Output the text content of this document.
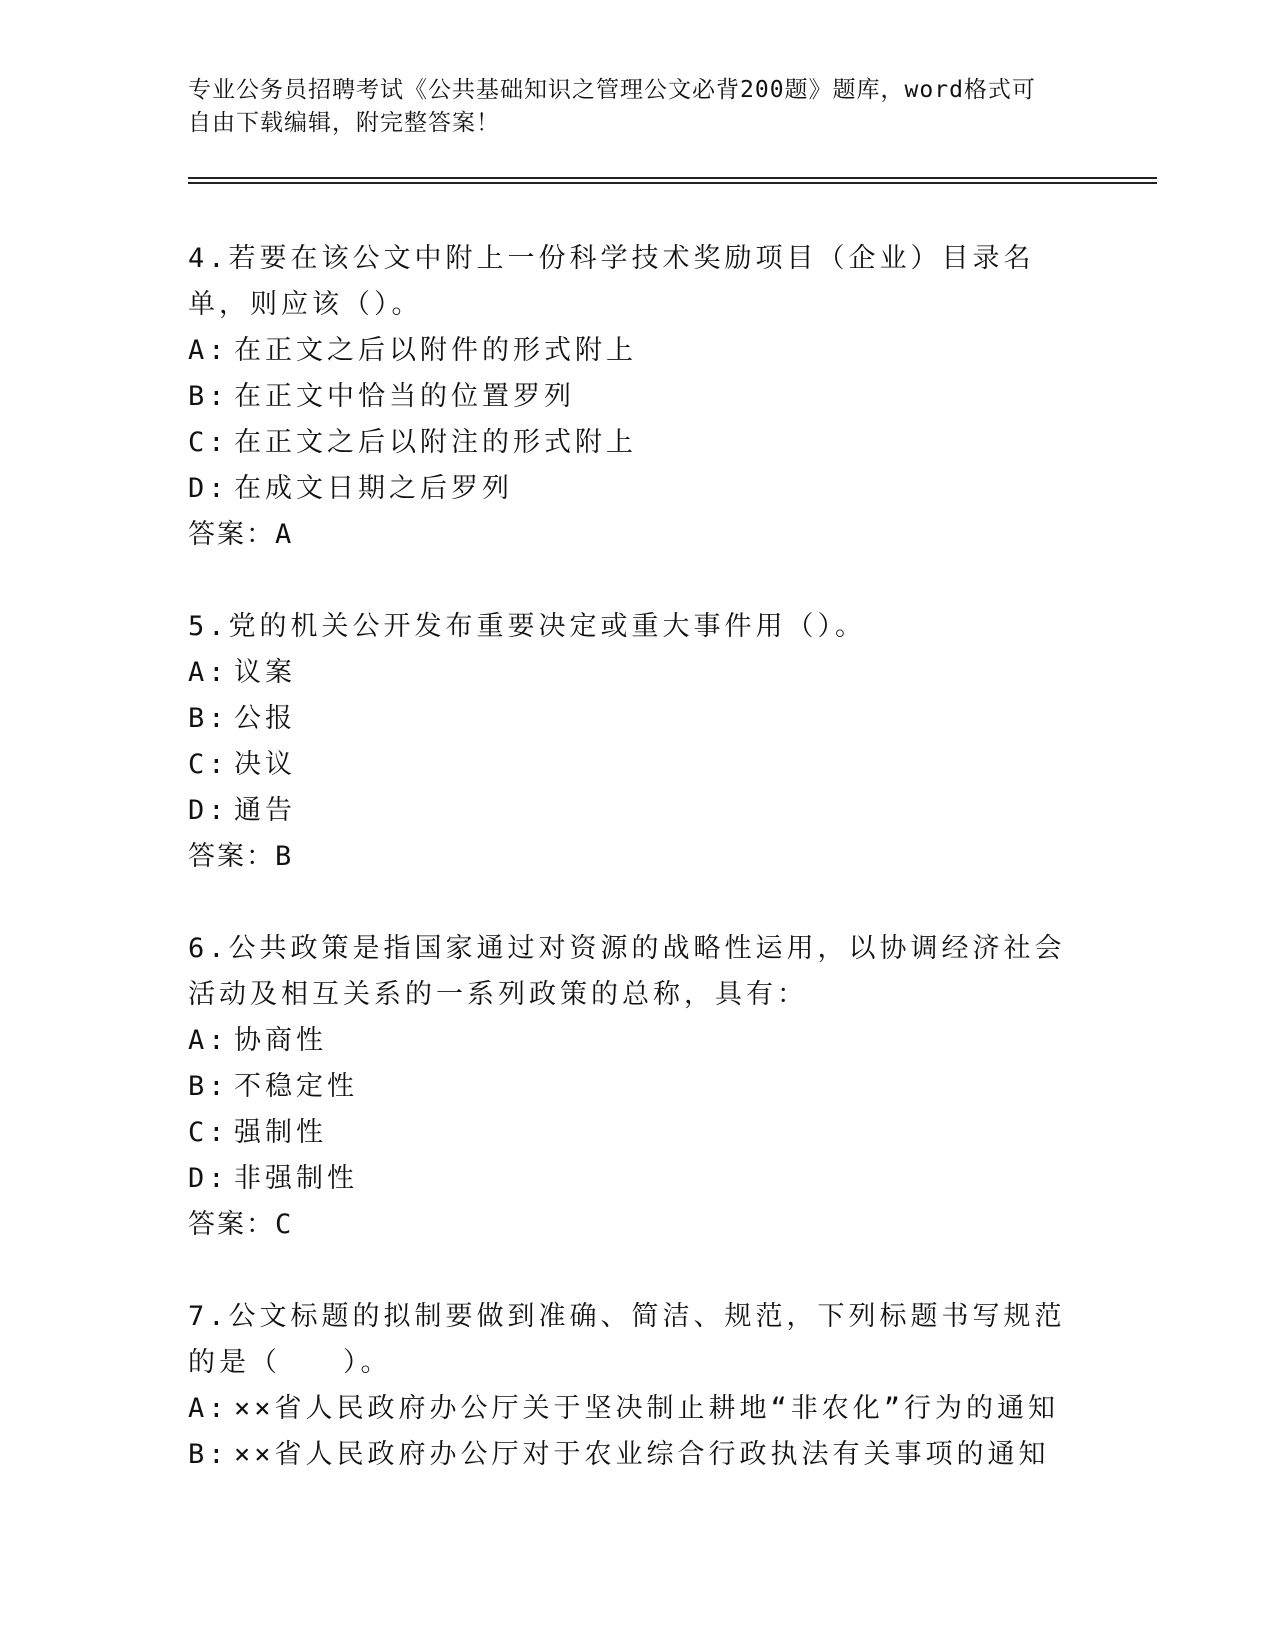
专业公务员招聘考试《公共基础知识之管理公文必背200题》题库，word格式可
自由下载编辑，附完整答案！
4.若要在该公文中附上一份科学技术奖励项目（企业）目录名单，则应该（）。
A: 在正文之后以附件的形式附上
B: 在正文中恰当的位置罗列
C: 在正文之后以附注的形式附上
D: 在成文日期之后罗列
答案：A
5.党的机关公开发布重要决定或重大事件用（）。
A: 议案
B: 公报
C: 决议
D: 通告
答案：B
6.公共政策是指国家通过对资源的战略性运用，以协调经济社会活动及相互关系的一系列政策的总称，具有：
A: 协商性
B: 不稳定性
C: 强制性
D: 非强制性
答案：C
7.公文标题的拟制要做到准确、简洁、规范，下列标题书写规范的是（　　）。
A: ××省人民政府办公厅关于坚决制止耕地“非农化”行为的通知
B: ××省人民政府办公厅对于农业综合行政执法有关事项的通知
